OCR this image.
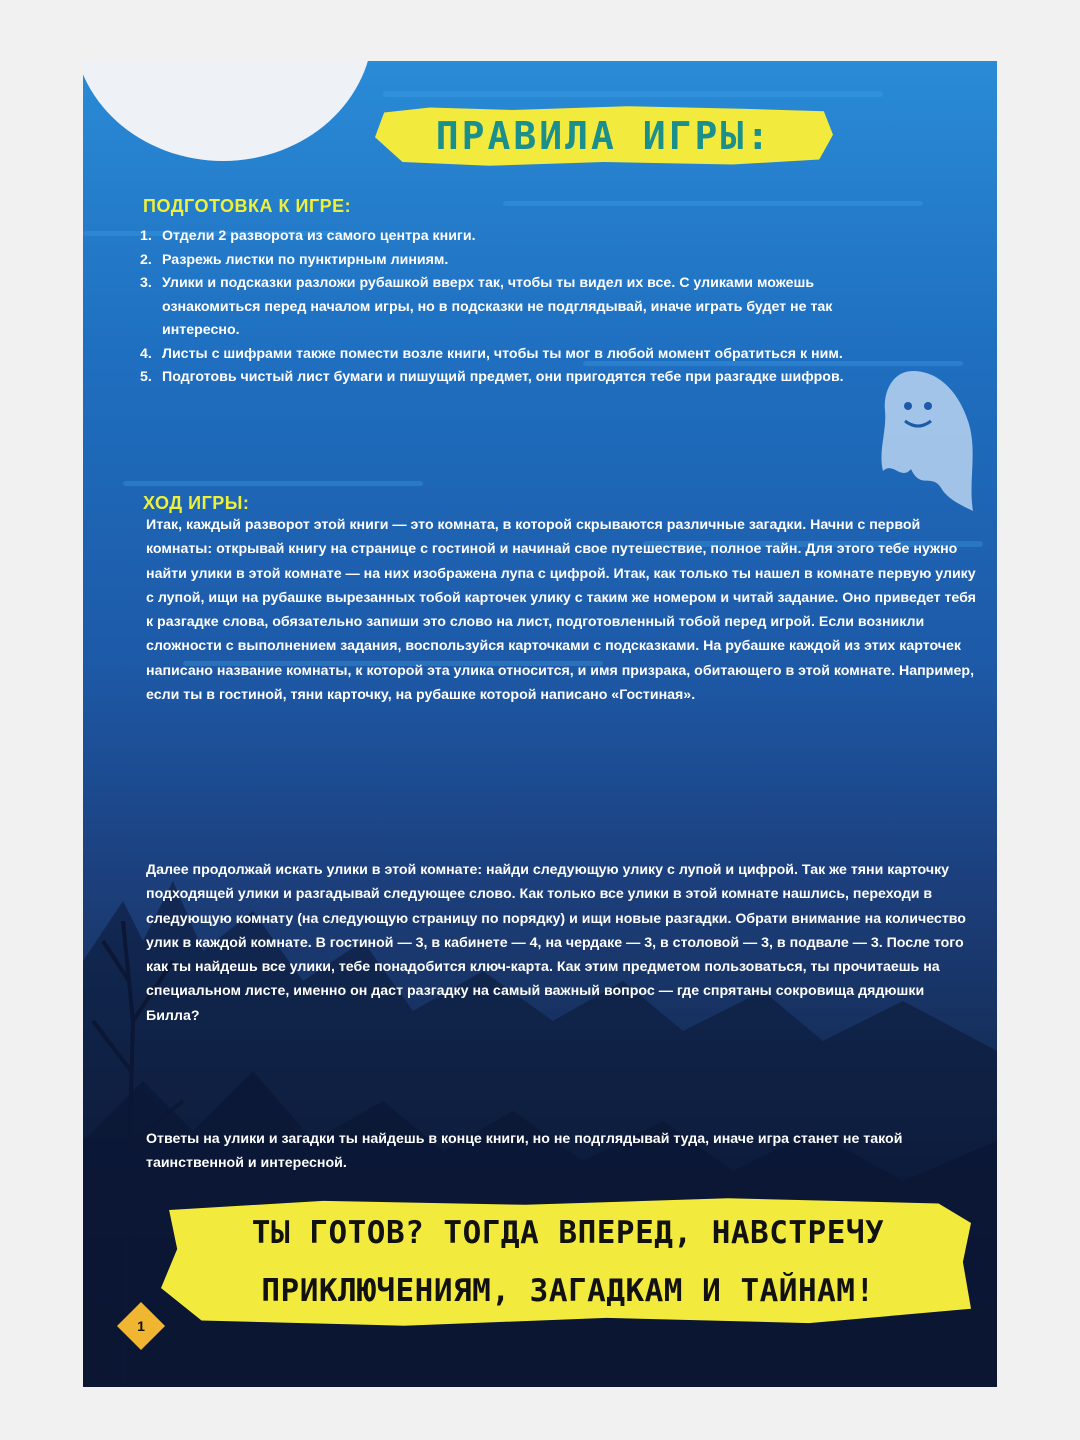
ПРАВИЛА ИГРЫ:
ПОДГОТОВКА К ИГРЕ:
1. Отдели 2 разворота из самого центра книги.
2. Разрежь листки по пунктирным линиям.
3. Улики и подсказки разложи рубашкой вверх так, чтобы ты видел их все. С уликами можешь ознакомиться перед началом игры, но в подсказки не подглядывай, иначе играть будет не так интересно.
4. Листы с шифрами также помести возле книги, чтобы ты мог в любой момент обратиться к ним.
5. Подготовь чистый лист бумаги и пишущий предмет, они пригодятся тебе при разгадке шифров.
ХОД ИГРЫ:

Итак, каждый разворот этой книги — это комната, в которой скрываются различные загадки. Начни с первой комнаты: открывай книгу на странице с гостиной и начинай свое путешествие, полное тайн. Для этого тебе нужно найти улики в этой комнате — на них изображена лупа с цифрой. Итак, как только ты нашел в комнате первую улику с лупой, ищи на рубашке вырезанных тобой карточек улику с таким же номером и читай задание. Оно приведет тебя к разгадке слова, обязательно запиши это слово на лист, подготовленный тобой перед игрой. Если возникли сложности с выполнением задания, воспользуйся карточками с подсказками. На рубашке каждой из этих карточек написано название комнаты, к которой эта улика относится, и имя призрака, обитающего в этой комнате. Например, если ты в гостиной, тяни карточку, на рубашке которой написано «Гостиная».

Далее продолжай искать улики в этой комнате: найди следующую улику с лупой и цифрой. Так же тяни карточку подходящей улики и разгадывай следующее слово. Как только все улики в этой комнате нашлись, переходи в следующую комнату (на следующую страницу по порядку) и ищи новые разгадки. Обрати внимание на количество улик в каждой комнате. В гостиной — 3, в кабинете — 4, на чердаке — 3, в столовой — 3, в подвале — 3. После того как ты найдешь все улики, тебе понадобится ключ-карта. Как этим предметом пользоваться, ты прочитаешь на специальном листе, именно он даст разгадку на самый важный вопрос — где спрятаны сокровища дядюшки Билла?

Ответы на улики и загадки ты найдешь в конце книги, но не подглядывай туда, иначе игра станет не такой таинственной и интересной.

ТЫ ГОТОВ? ТОГДА ВПЕРЕД, НАВСТРЕЧУ ПРИКЛЮЧЕНИЯМ, ЗАГАДКАМ И ТАЙНАМ!
1
